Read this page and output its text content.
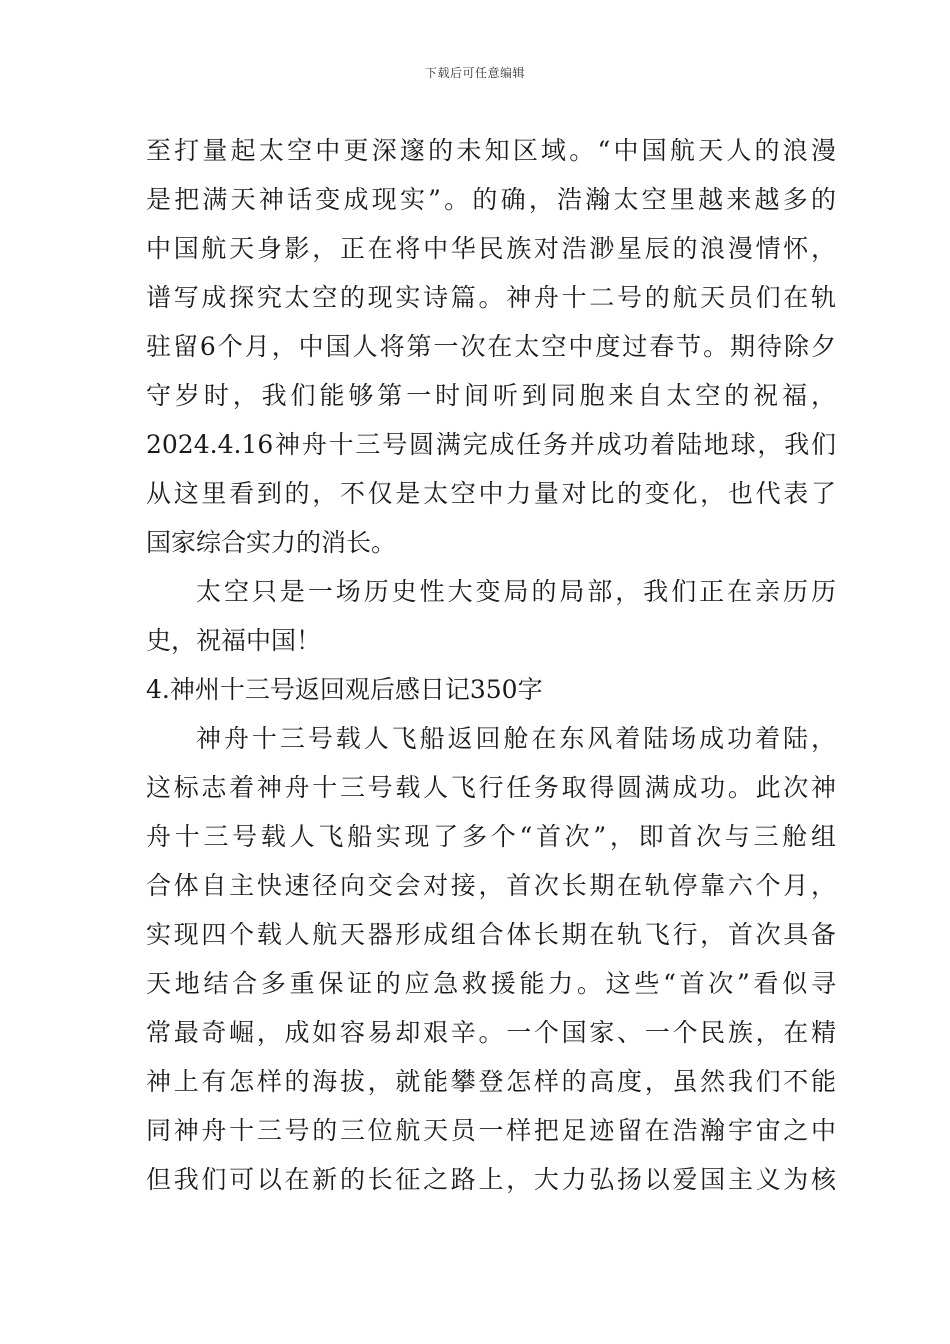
下载后可任意编辑
至打量起太空中更深邃的未知区域。“中国航天人的浪漫
是把满天神话变成现实”。的确，浩瀚太空里越来越多的
中国航天身影，正在将中华民族对浩渺星辰的浪漫情怀，
谱写成探究太空的现实诗篇。神舟十二号的航天员们在轨
驻留6个月，中国人将第一次在太空中度过春节。期待除夕
守岁时，我们能够第一时间听到同胞来自太空的祝福，
2024.4.16神舟十三号圆满完成任务并成功着陆地球，我们
从这里看到的，不仅是太空中力量对比的变化，也代表了
国家综合实力的消长。
太空只是一场历史性大变局的局部，我们正在亲历历
史，祝福中国！
4.神州十三号返回观后感日记350字
神舟十三号载人飞船返回舱在东风着陆场成功着陆，
这标志着神舟十三号载人飞行任务取得圆满成功。此次神
舟十三号载人飞船实现了多个“首次”，即首次与三舱组
合体自主快速径向交会对接，首次长期在轨停靠六个月，
实现四个载人航天器形成组合体长期在轨飞行，首次具备
天地结合多重保证的应急救援能力。这些“首次”看似寻
常最奇崛，成如容易却艰辛。一个国家、一个民族，在精
神上有怎样的海拔，就能攀登怎样的高度，虽然我们不能
同神舟十三号的三位航天员一样把足迹留在浩瀚宇宙之中
但我们可以在新的长征之路上，大力弘扬以爱国主义为核
